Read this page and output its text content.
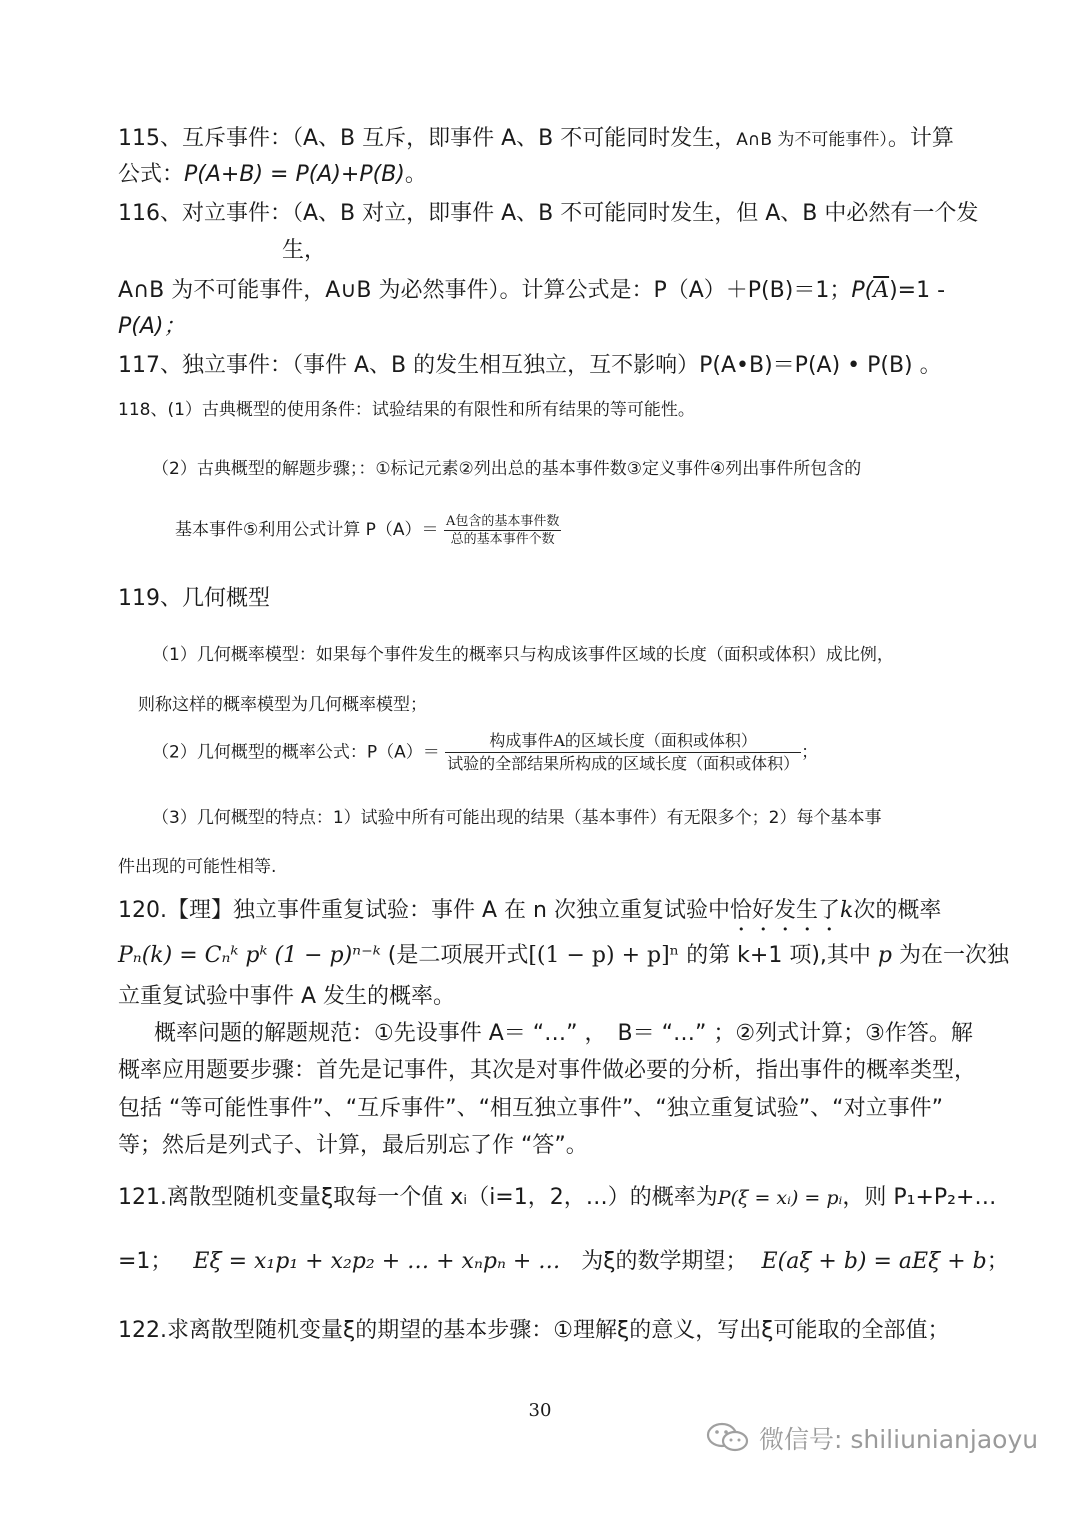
115、互斥事件：（A、B 互斥，即事件 A、B 不可能同时发生，A∩B 为不可能事件）。计算
公式：P(A+B) = P(A)+P(B)。
116、对立事件：（A、B 对立，即事件 A、B 不可能同时发生，但 A、B 中必然有一个发
生，
A∩B 为不可能事件，A∪B 为必然事件）。计算公式是：P（A）＋P(B)＝1；$P(\overline{A})=1$ -
P(A)；
117、独立事件：（事件 A、B 的发生相互独立，互不影响）P(A•B)＝P(A) • P(B) 。
118、(1）古典概型的使用条件：试验结果的有限性和所有结果的等可能性。
（2）古典概型的解题步骤；：①标记元素②列出总的基本事件数③定义事件④列出事件所包含的
基本事件⑤利用公式计算 $P(A)= \frac{\text{A包含的基本事件数}}{\text{总的基本事件个数}}$
119、几何概型
（1）几何概率模型：如果每个事件发生的概率只与构成该事件区域的长度（面积或体积）成比例，
则称这样的概率模型为几何概率模型；
（2）几何概型的概率公式：$P(A)= \frac{\text{构成事件A的区域长度（面积或体积）}}{\text{试验的全部结果所构成的区域长度（面积或体积）}}$ ；
（3）几何概型的特点：1）试验中所有可能出现的结果（基本事件）有无限多个；2）每个基本事
件出现的可能性相等.
120.【理】独立事件重复试验：事件 A 在 n 次独立重复试验中恰好发生了k次的概率
Pₙ(k) = Cₙᵏ pᵏ (1 − p)ⁿ⁻ᵏ (是二项展开式[(1 − p) + p]ⁿ 的第 k+1 项),其中 p 为在一次独
立重复试验中事件 A 发生的概率。
　概率问题的解题规范：①先设事件 A＝ “…” ，　B＝ “…” ；②列式计算；③作答。解
概率应用题要步骤：首先是记事件，其次是对事件做必要的分析，指出事件的概率类型，
包括 “等可能性事件”、“互斥事件”、“相互独立事件”、“独立重复试验”、“对立事件”
等；然后是列式子、计算，最后别忘了作 “答”。
121.离散型随机变量ξ取每一个值 xᵢ（i=1，2，…）的概率为P(ξ = xᵢ) = pᵢ，则 P₁+P₂+…
=1； Eξ = x₁p₁ + x₂p₂ + … + xₙpₙ + … 为ξ的数学期望； E(aξ + b) = aEξ + b；
122.求离散型随机变量ξ的期望的基本步骤：①理解ξ的意义，写出ξ可能取的全部值；
30
微信号: shiliunianjaoyu
